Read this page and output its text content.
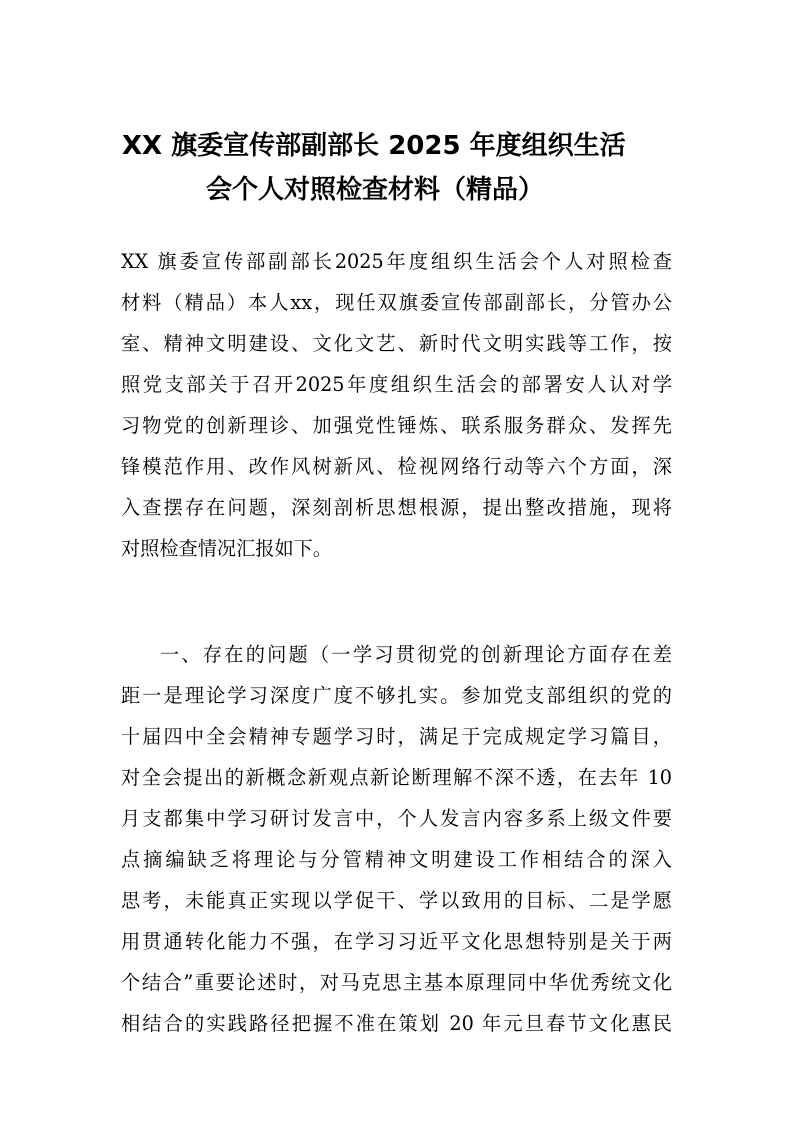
XX 旗委宣传部副部长 2025 年度组织生活
会个人对照检查材料（精品）
XX 旗委宣传部副部长2025年度组织生活会个人对照检查
材料（精品）本人xx，现任双旗委宣传部副部长，分管办公
室、精神文明建设、文化文艺、新时代文明实践等工作，按
照党支部关于召开2025年度组织生活会的部署安人认对学
习物党的创新理诊、加强党性锤炼、联系服务群众、发挥先
锋模范作用、改作风树新风、检视网络行动等六个方面，深
入查摆存在问题，深刻剖析思想根源，提出整改措施，现将
对照检查情况汇报如下。
一、存在的问题（一学习贯彻党的创新理论方面存在差
距一是理论学习深度广度不够扎实。参加党支部组织的党的
十届四中全会精神专题学习时，满足于完成规定学习篇目，
对全会提出的新概念新观点新论断理解不深不透，在去年 10
月支都集中学习研讨发言中，个人发言内容多系上级文件要
点摘编缺乏将理论与分管精神文明建设工作相结合的深入
思考，未能真正实现以学促干、学以致用的目标、二是学愿
用贯通转化能力不强，在学习习近平文化思想特别是关于两
个结合”重要论述时，对马克思主基本原理同中华优秀统文化
相结合的实践路径把握不准在策划 20 年元旦春节文化惠民
